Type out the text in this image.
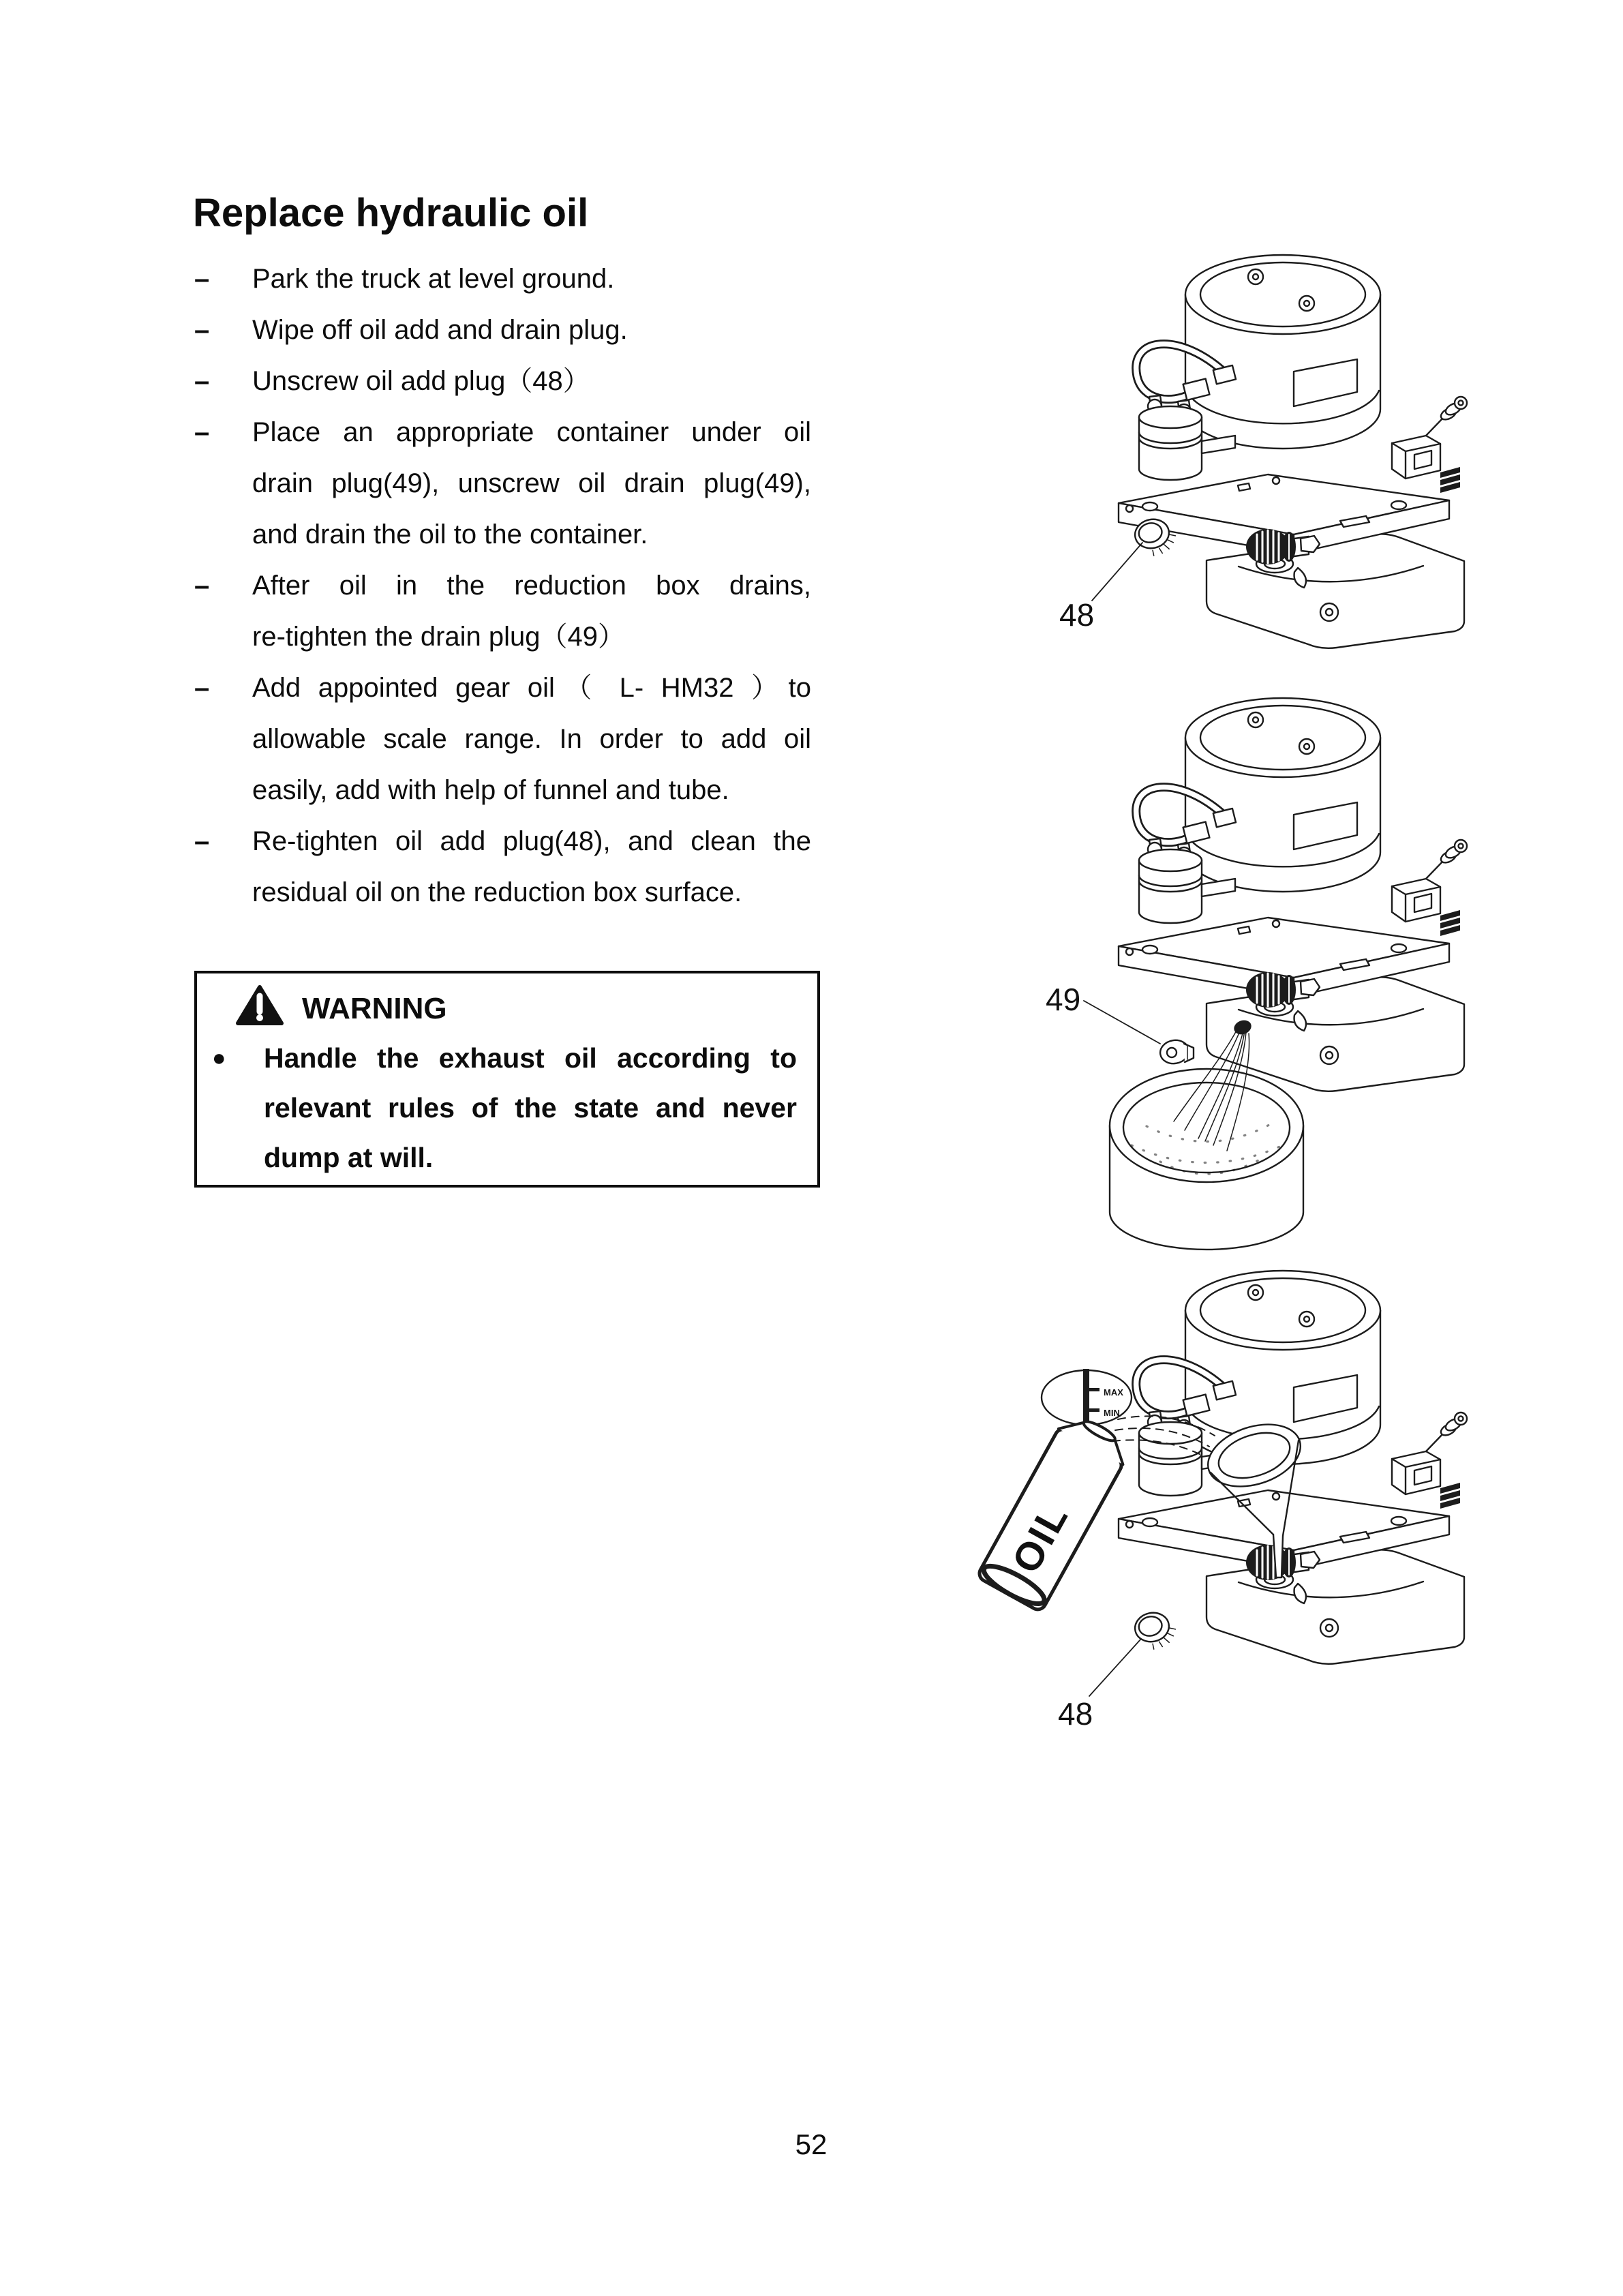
Replace hydraulic oil
–	Park the truck at level ground.
–	Wipe off oil add and drain plug.
–	Unscrew oil add plug（48）
–	Place an appropriate container under oil
drain plug(49), unscrew oil drain plug(49),
and drain the oil to the container.
–	After oil in the reduction box drains,
re-tighten the drain plug（49）
–	Add appointed gear oil（ L- HM32 ）to
allowable scale range. In order to add oil
easily, add with help of funnel and tube.
–	Re-tighten oil add plug(48), and clean the
residual oil on the reduction box surface.
WARNING
●	Handle the exhaust oil according to
relevant rules of the state and never
dump at will.
48
49
MAX
MIN
OIL
48
52
